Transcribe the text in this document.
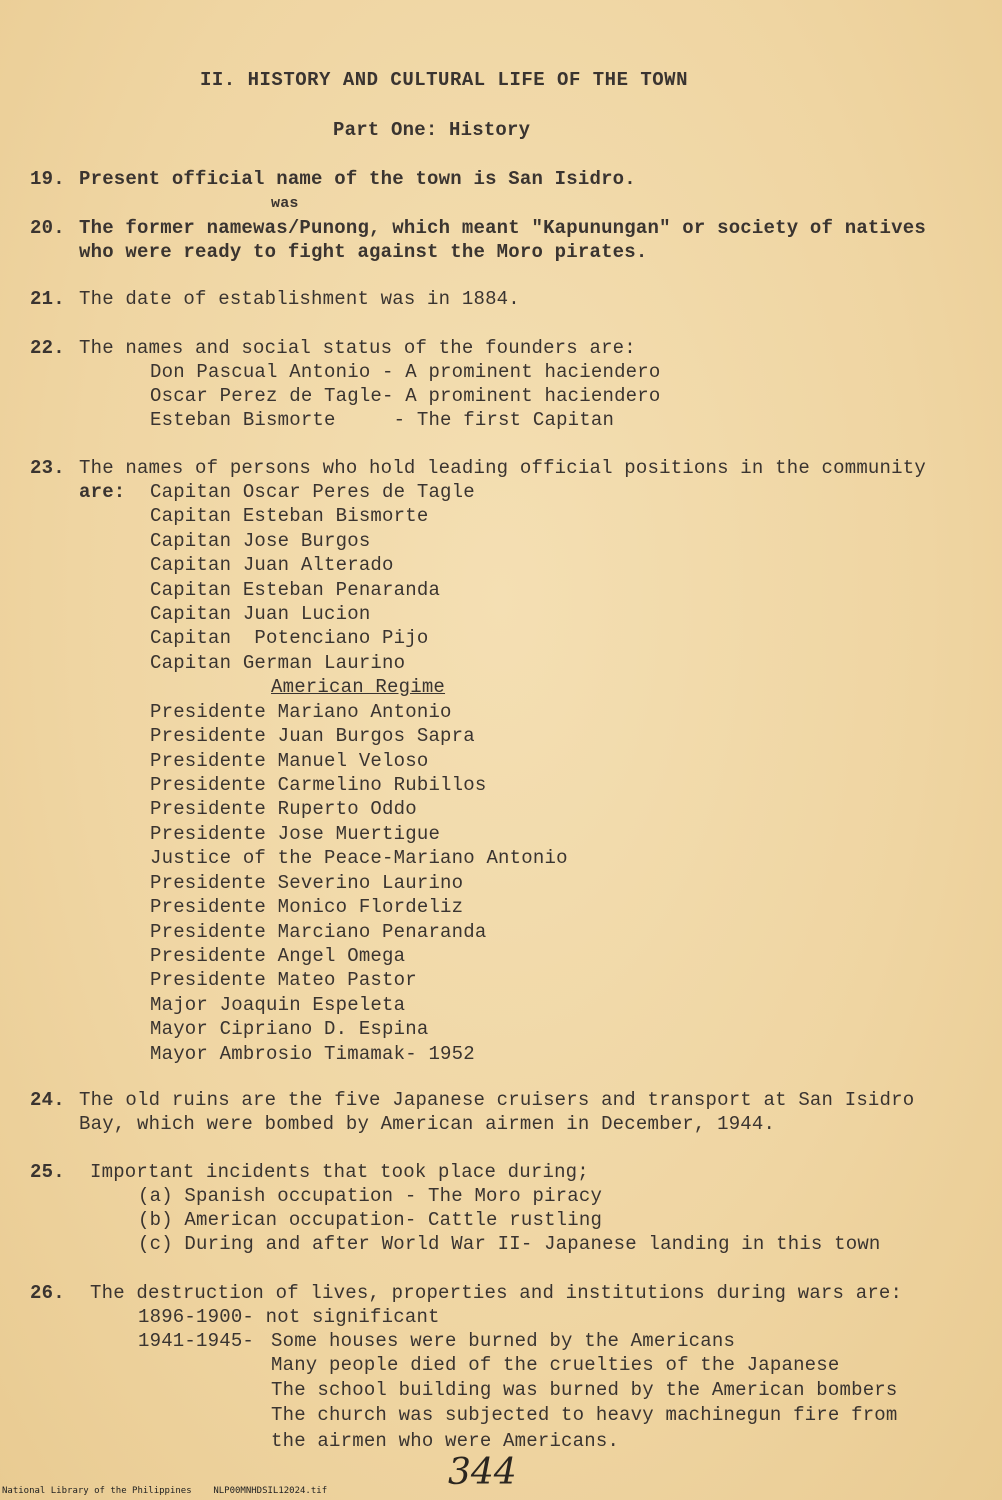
II. HISTORY AND CULTURAL LIFE OF THE TOWN
Part One: History
19. Present official name of the town is San Isidro.
was
20. The former namewas/Punong, which meant "Kapunungan" or society of natives
who were ready to fight against the Moro pirates.
21. The date of establishment was in 1884.
22. The names and social status of the founders are:
Don Pascual Antonio - A prominent haciendero
Oscar Perez de Tagle- A prominent haciendero
Esteban Bismorte     - The first Capitan
23. The names of persons who hold leading official positions in the community
are: Capitan Oscar Peres de Tagle
Capitan Esteban Bismorte
Capitan Jose Burgos
Capitan Juan Alterado
Capitan Esteban Penaranda
Capitan Juan Lucion
Capitan  Potenciano Pijo
Capitan German Laurino
American Regime
Presidente Mariano Antonio
Presidente Juan Burgos Sapra
Presidente Manuel Veloso
Presidente Carmelino Rubillos
Presidente Ruperto Oddo
Presidente Jose Muertigue
Justice of the Peace-Mariano Antonio
Presidente Severino Laurino
Presidente Monico Flordeliz
Presidente Marciano Penaranda
Presidente Angel Omega
Presidente Mateo Pastor
Major Joaquin Espeleta
Mayor Cipriano D. Espina
Mayor Ambrosio Timamak- 1952
24. The old ruins are the five Japanese cruisers and transport at San Isidro
Bay, which were bombed by American airmen in December, 1944.
25. Important incidents that took place during;
(a) Spanish occupation - The Moro piracy
(b) American occupation- Cattle rustling
(c) During and after World War II- Japanese landing in this town
26. The destruction of lives, properties and institutions during wars are:
1896-1900- not significant
1941-1945- Some houses were burned by the Americans
Many people died of the cruelties of the Japanese
The school building was burned by the American bombers
The church was subjected to heavy machinegun fire from
the airmen who were Americans.
344
National Library of the Philippines    NLP00MNHDSIL12024.tif
